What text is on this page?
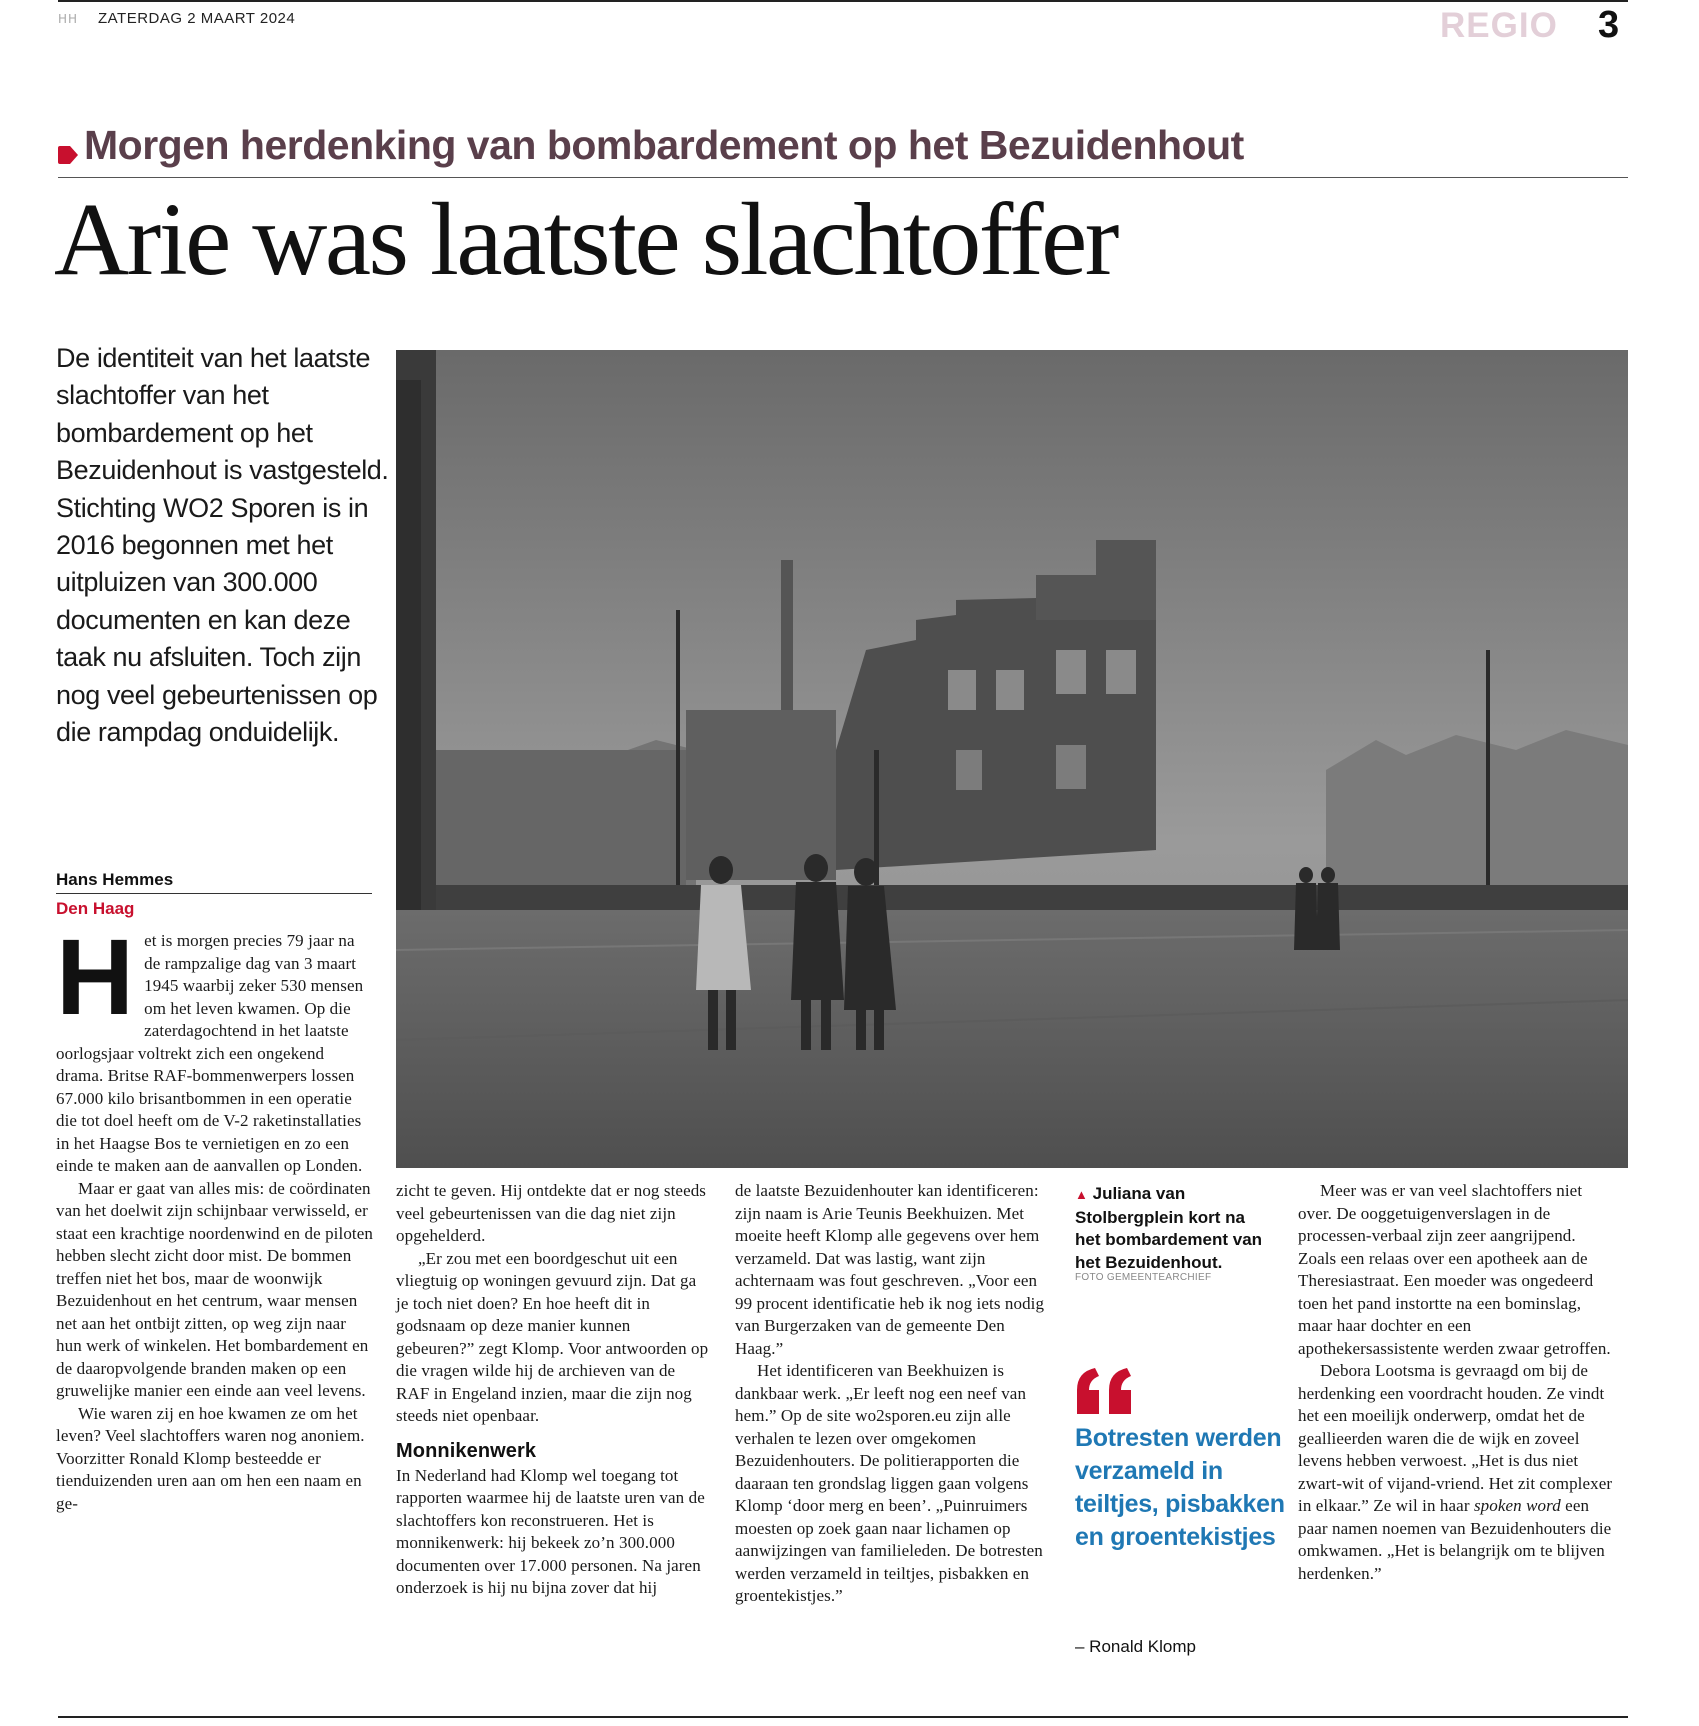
HH ZATERDAG 2 MAART 2024	REGIO 3
Morgen herdenking van bombardement op het Bezuidenhout
Arie was laatste slachtoffer
De identiteit van het laatste slachtoffer van het bombardement op het Bezuidenhout is vastgesteld. Stichting WO2 Sporen is in 2016 begonnen met het uitpluizen van 300.000 documenten en kan deze taak nu afsluiten. Toch zijn nog veel gebeurtenissen op die rampdag onduidelijk.
Hans Hemmes
Den Haag
H et is morgen precies 79 jaar na de rampzalige dag van 3 maart 1945 waarbij zeker 530 mensen om het leven kwamen. Op die zaterdagochtend in het laatste oorlogsjaar voltrekt zich een ongekend drama. Britse RAF-bommenwerpers lossen 67.000 kilo brisantbommen in een operatie die tot doel heeft om de V-2 raketinstallaties in het Haagse Bos te vernietigen en zo een einde te maken aan de aanvallen op Londen.

Maar er gaat van alles mis: de coördinaten van het doelwit zijn schijnbaar verwisseld, er staat een krachtige noordenwind en de piloten hebben slecht zicht door mist. De bommen treffen niet het bos, maar de woonwijk Bezuidenhout en het centrum, waar mensen net aan het ontbijt zitten, op weg zijn naar hun werk of winkelen. Het bombardement en de daaropvolgende branden maken op een gruwelijke manier een einde aan veel levens.

Wie waren zij en hoe kwamen ze om het leven? Veel slachtoffers waren nog anoniem. Voorzitter Ronald Klomp besteedde er tienduizenden uren aan om hen een naam en ge-

zicht te geven. Hij ontdekte dat er nog steeds veel gebeurtenissen van die dag niet zijn opgehelderd.

„Er zou met een boordgeschut uit een vliegtuig op woningen gevuurd zijn. Dat ga je toch niet doen? En hoe heeft dit in godsnaam op deze manier kunnen gebeuren?” zegt Klomp. Voor antwoorden op die vragen wilde hij de archieven van de RAF in Engeland inzien, maar die zijn nog steeds niet openbaar.

Monnikenwerk

In Nederland had Klomp wel toegang tot rapporten waarmee hij de laatste uren van de slachtoffers kon reconstrueren. Het is monnikenwerk: hij bekeek zo’n 300.000 documenten over 17.000 personen. Na jaren onderzoek is hij nu bijna zover dat hij

de laatste Bezuidenhouter kan identificeren: zijn naam is Arie Teunis Beekhuizen. Met moeite heeft Klomp alle gegevens over hem verzameld. Dat was lastig, want zijn achternaam was fout geschreven. „Voor een 99 procent identificatie heb ik nog iets nodig van Burgerzaken van de gemeente Den Haag.”

Het identificeren van Beekhuizen is dankbaar werk. „Er leeft nog een neef van hem.” Op de site wo2sporen.eu zijn alle verhalen te lezen over omgekomen Bezuidenhouters. De politierapporten die daaraan ten grondslag liggen gaan volgens Klomp ‘door merg en been’. „Puinruimers moesten op zoek gaan naar lichamen op aanwijzingen van familieleden. De botresten werden verzameld in teiltjes, pisbakken en groentekistjes.”

▲ Juliana van Stolbergplein kort na het bombardement van het Bezuidenhout.
FOTO GEMEENTEARCHIEF
Botresten werden verzameld in teiltjes, pisbakken en groentekistjes
– Ronald Klomp

Meer was er van veel slachtoffers niet over. De ooggetuigenverslagen in de processen-verbaal zijn zeer aangrijpend. Zoals een relaas over een apotheek aan de Theresiastraat. Een moeder was ongedeerd toen het pand instortte na een bominslag, maar haar dochter en een apothekersassistente werden zwaar getroffen.

Debora Lootsma is gevraagd om bij de herdenking een voordracht houden. Ze vindt het een moeilijk onderwerp, omdat het de geallieerden waren die de wijk en zoveel levens hebben verwoest. „Het is dus niet zwart-wit of vijand-vriend. Het zit complexer in elkaar.” Ze wil in haar spoken word een paar namen noemen van Bezuidenhouters die omkwamen. „Het is belangrijk om te blijven herdenken.”
